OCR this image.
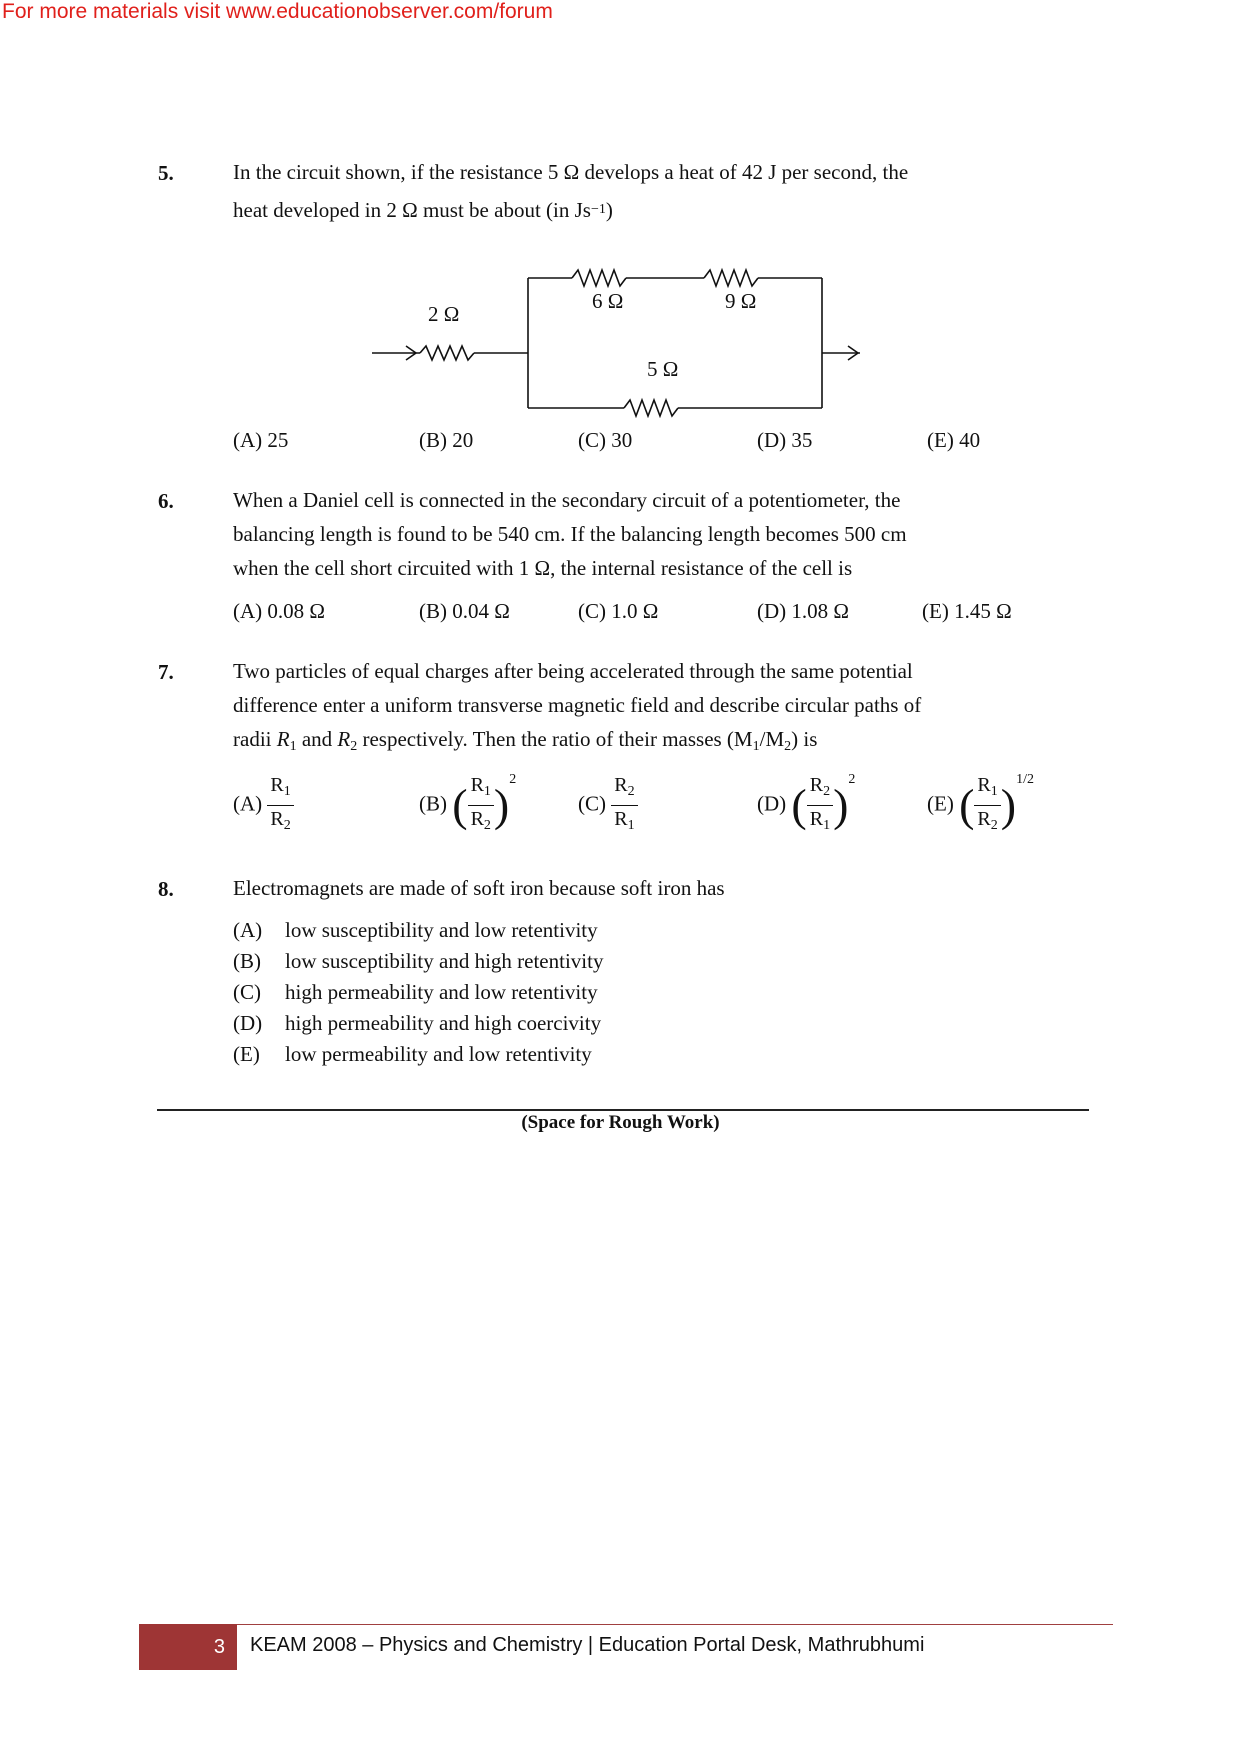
For more materials visit www.educationobserver.com/forum
5.	In the circuit shown, if the resistance 5 Ω develops a heat of 42 J per second, the
heat developed in 2 Ω must be about (in $Js^{-1}$)
2 Ω
6 Ω	9 Ω
5 Ω
(A) 25	(B) 20	(C) 30	(D) 35	(E) 40
6.	When a Daniel cell is connected in the secondary circuit of a potentiometer, the
balancing length is found to be 540 cm. If the balancing length becomes 500 cm
when the cell short circuited with 1 Ω, the internal resistance of the cell is
(A) 0.08 Ω	(B) 0.04 Ω	(C) 1.0 Ω	(D) 1.08 Ω	(E) 1.45 Ω
7.	Two particles of equal charges after being accelerated through the same potential
difference enter a uniform transverse magnetic field and describe circular paths of
radii $R_1$ and $R_2$ respectively. Then the ratio of their masses $(M_1/M_2)$ is
$(A) \frac{R_1}{R_2}$	(B) ( $\frac{R_1}{R_2} )^2$
$(C) \frac{R_2}{R_1}$	(D) ( $\frac{R_2}{R_1} )^2$
(E) ( $\frac{R_1}{R_2} )^{1/2}$
8.	Electromagnets are made of soft iron because soft iron has
(A) low susceptibility and low retentivity
(B) low susceptibility and high retentivity
(C) high permeability and low retentivity
(D) high permeability and high coercivity
(E) low permeability and low retentivity
(Space for Rough Work)
3	KEAM 2008 – Physics and Chemistry | Education Portal Desk, Mathrubhumi
